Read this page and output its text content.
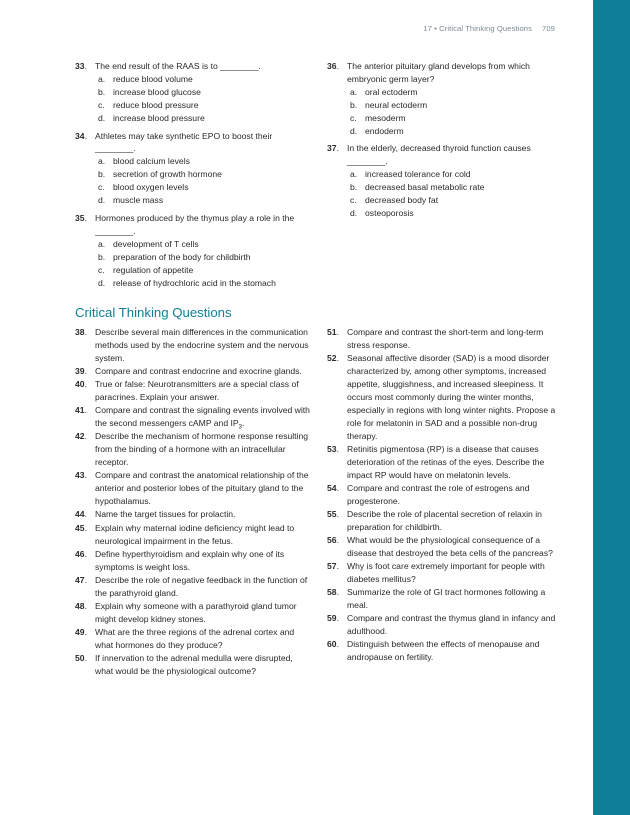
17 • Critical Thinking Questions 709
33 . The end result of the RAAS is to ________.
a . reduce blood volume
b . increase blood glucose
c . reduce blood pressure
d . increase blood pressure
34 . Athletes may take synthetic EPO to boost their ________.
a . blood calcium levels
b . secretion of growth hormone
c . blood oxygen levels
d . muscle mass
35 . Hormones produced by the thymus play a role in the ________.
a . development of T cells
b . preparation of the body for childbirth
c . regulation of appetite
d . release of hydrochloric acid in the stomach
36 . The anterior pituitary gland develops from which embryonic germ layer?
a . oral ectoderm
b . neural ectoderm
c . mesoderm
d . endoderm
37 . In the elderly, decreased thyroid function causes ________.
a . increased tolerance for cold
b . decreased basal metabolic rate
c . decreased body fat
d . osteoporosis
Critical Thinking Questions
38 . Describe several main differences in the communication methods used by the endocrine system and the nervous system.
39 . Compare and contrast endocrine and exocrine glands.
40 . True or false: Neurotransmitters are a special class of paracrines. Explain your answer.
41 . Compare and contrast the signaling events involved with the second messengers cAMP and $IP_3$.
42 . Describe the mechanism of hormone response resulting from the binding of a hormone with an intracellular receptor.
43 . Compare and contrast the anatomical relationship of the anterior and posterior lobes of the pituitary gland to the hypothalamus.
44 . Name the target tissues for prolactin.
45 . Explain why maternal iodine deficiency might lead to neurological impairment in the fetus.
46 . Define hyperthyroidism and explain why one of its symptoms is weight loss.
47 . Describe the role of negative feedback in the function of the parathyroid gland.
48 . Explain why someone with a parathyroid gland tumor might develop kidney stones.
49 . What are the three regions of the adrenal cortex and what hormones do they produce?
50 . If innervation to the adrenal medulla were disrupted, what would be the physiological outcome?
51 . Compare and contrast the short-term and long-term stress response.
52 . Seasonal affective disorder (SAD) is a mood disorder characterized by, among other symptoms, increased appetite, sluggishness, and increased sleepiness. It occurs most commonly during the winter months, especially in regions with long winter nights. Propose a role for melatonin in SAD and a possible non-drug therapy.
53 . Retinitis pigmentosa (RP) is a disease that causes deterioration of the retinas of the eyes. Describe the impact RP would have on melatonin levels.
54 . Compare and contrast the role of estrogens and progesterone.
55 . Describe the role of placental secretion of relaxin in preparation for childbirth.
56 . What would be the physiological consequence of a disease that destroyed the beta cells of the pancreas?
57 . Why is foot care extremely important for people with diabetes mellitus?
58 . Summarize the role of GI tract hormones following a meal.
59 . Compare and contrast the thymus gland in infancy and adulthood.
60 . Distinguish between the effects of menopause and andropause on fertility.
